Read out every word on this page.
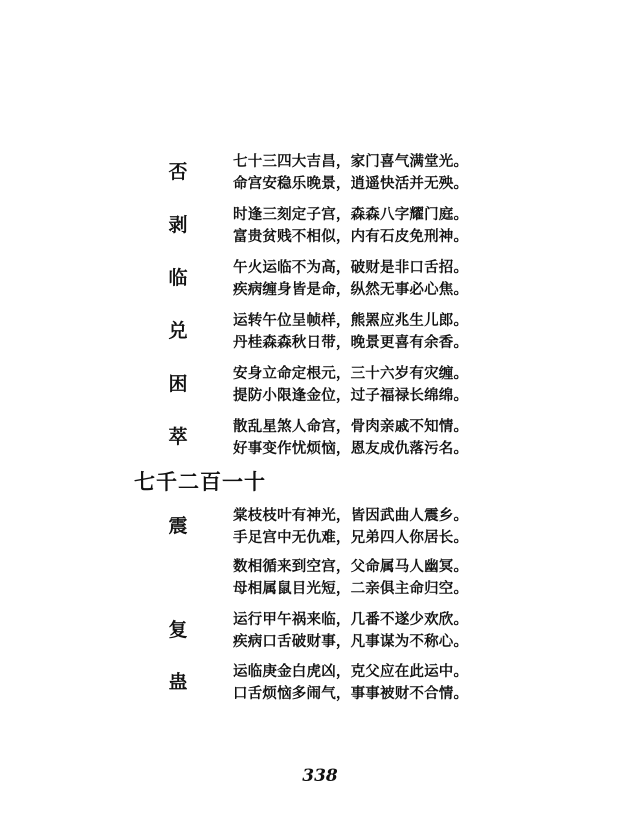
否	七十三四大吉昌，家门喜气满堂光。
命宫安稳乐晚景，逍遥快活并无殃。
剥	时逢三刻定子宫，森森八字耀门庭。
富贵贫贱不相似，内有石皮免刑神。
临	午火运临不为高，破财是非口舌招。
疾病缠身皆是命，纵然无事必心焦。
兑	运转午位呈帧样，熊罴应兆生儿郎。
丹桂森森秋日带，晚景更喜有余香。
困	安身立命定根元，三十六岁有灾缠。
提防小限逢金位，过子福禄长绵绵。
萃	散乱星煞人命宫，骨肉亲戚不知情。
好事变作忧烦恼，恩友成仇落污名。
七千二百一十
震	棠枝枝叶有神光，皆因武曲人震乡。
手足宫中无仇难，兄弟四人你居长。
数相循来到空宫，父命属马人幽冥。
母相属鼠目光短，二亲俱主命归空。
复	运行甲午祸来临，几番不遂少欢欣。
疾病口舌破财事，凡事谋为不称心。
蛊	运临庚金白虎凶，克父应在此运中。
口舌烦恼多闹气，事事被财不合情。
338
